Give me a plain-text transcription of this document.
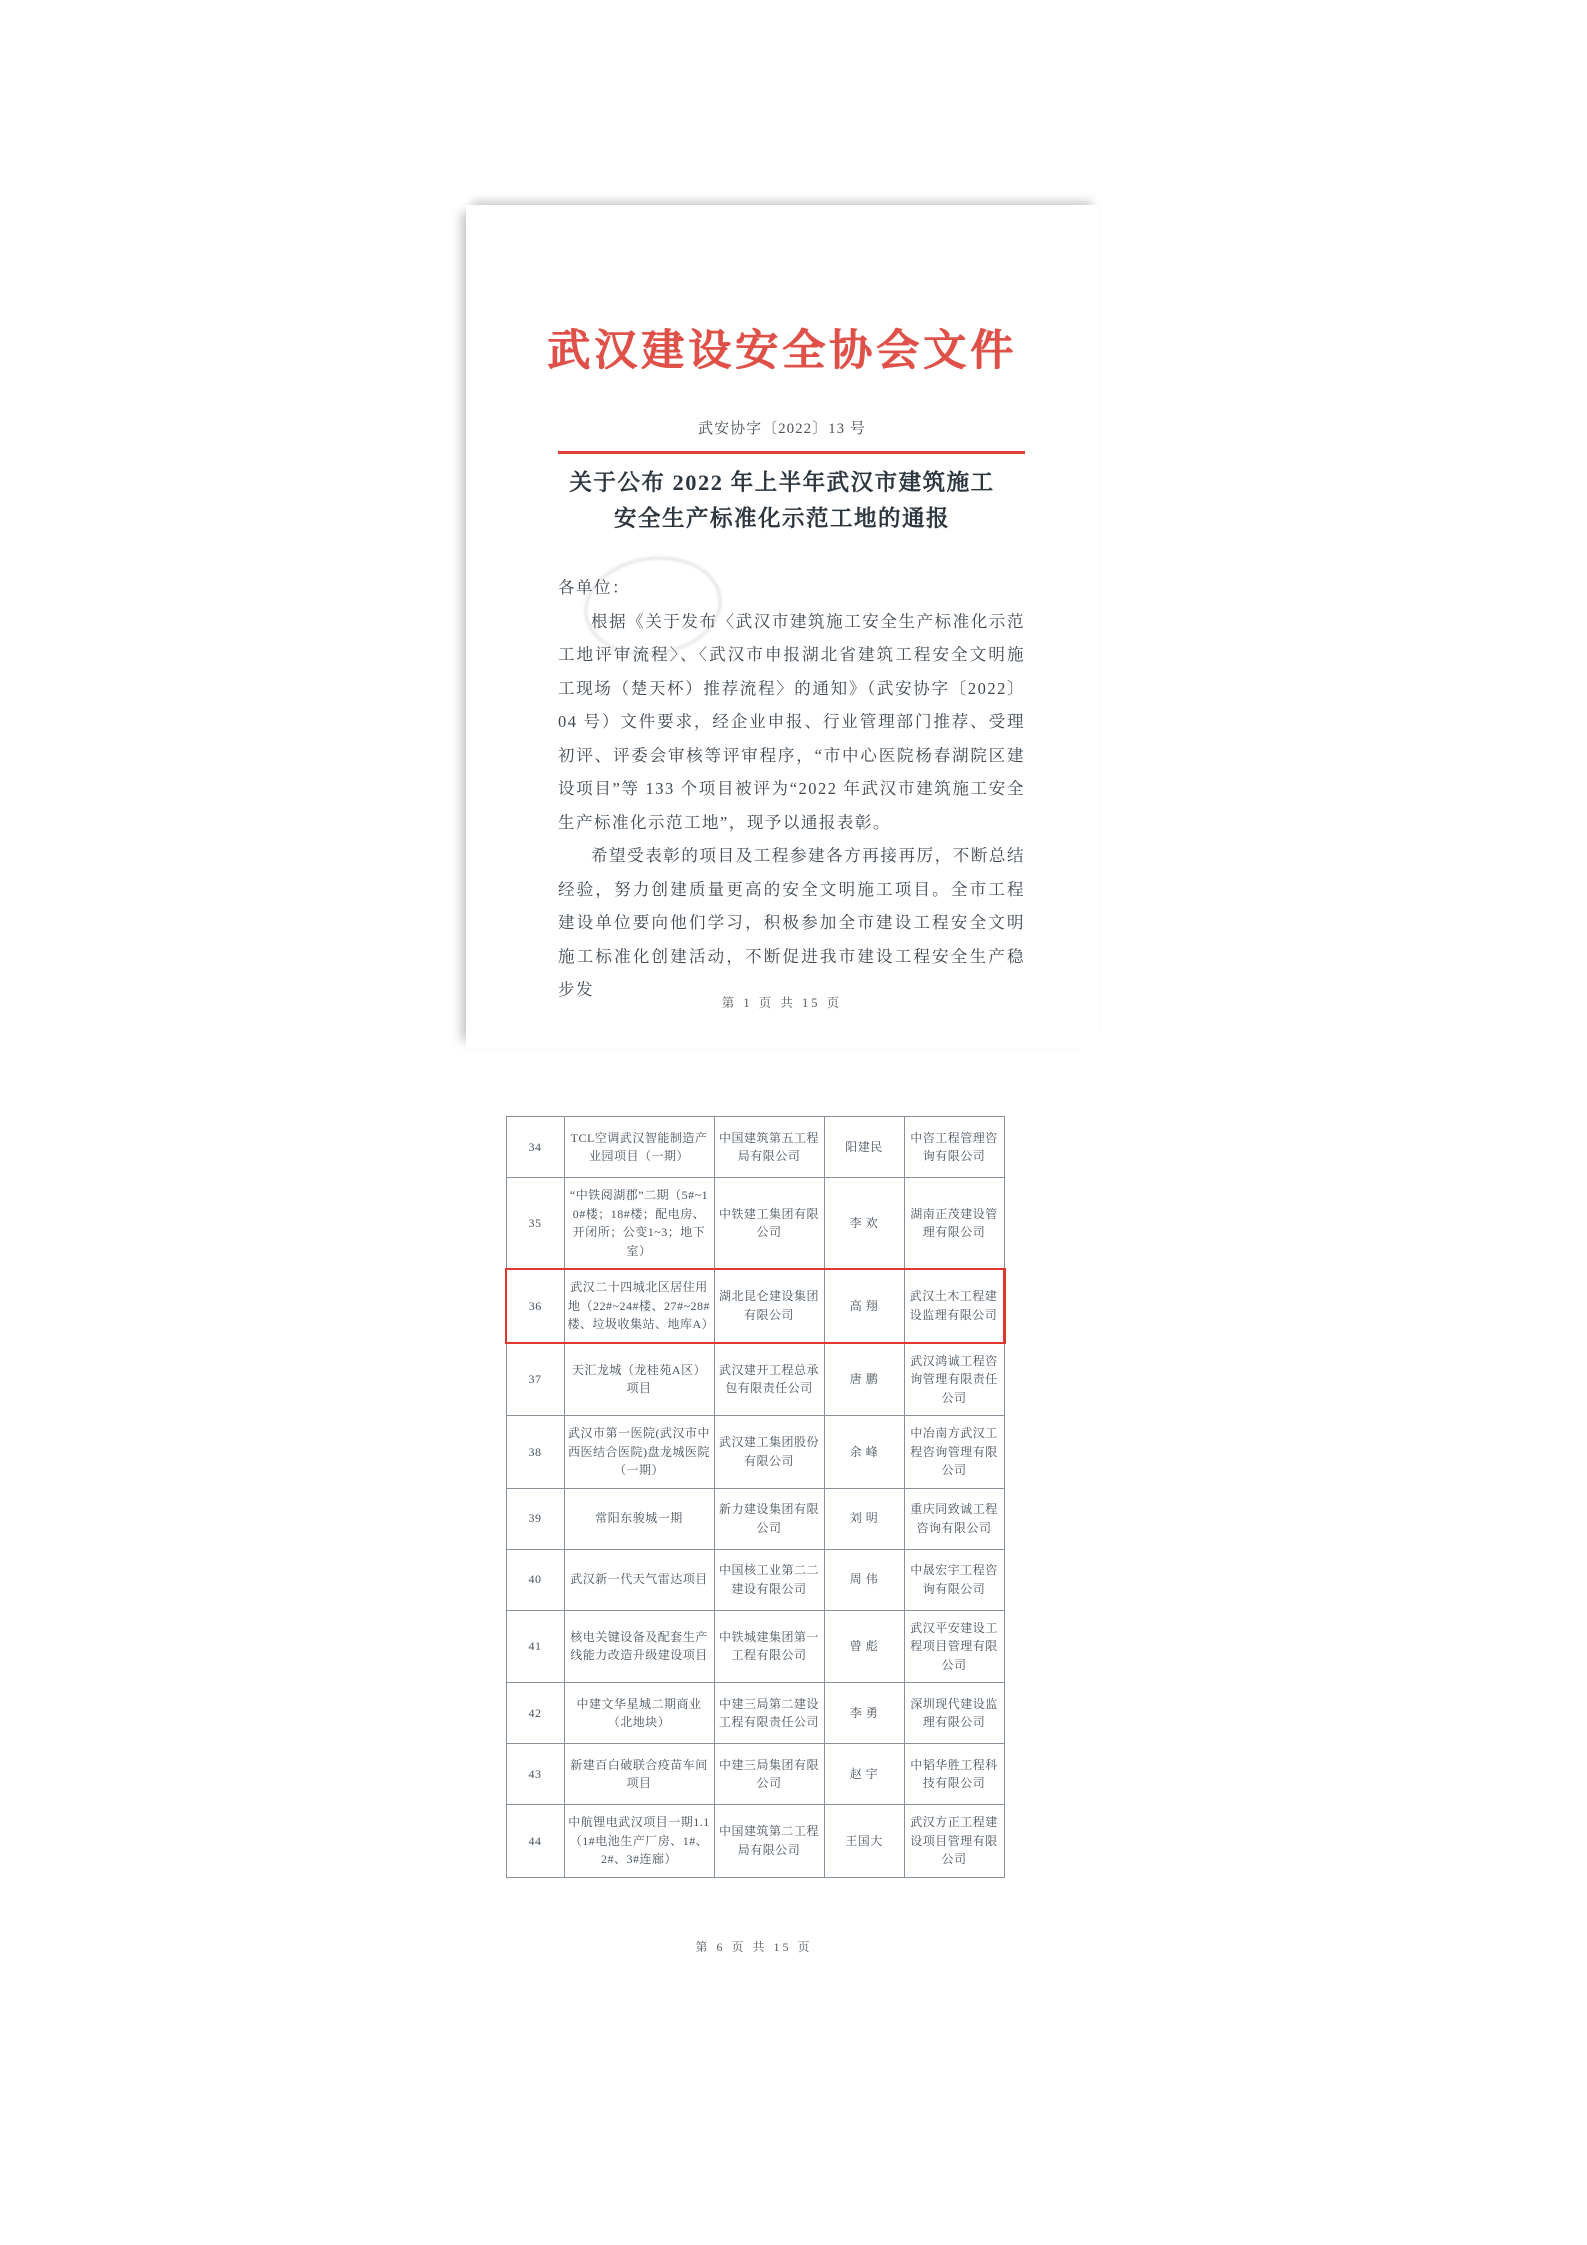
武汉建设安全协会文件
武安协字〔2022〕13 号
关于公布 2022 年上半年武汉市建筑施工
安全生产标准化示范工地的通报

各单位：

根据《关于发布〈武汉市建筑施工安全生产标准化示范工地评审流程〉、〈武汉市申报湖北省建筑工程安全文明施工现场（楚天杯）推荐流程〉的通知》（武安协字〔2022〕04 号）文件要求，经企业申报、行业管理部门推荐、受理初评、评委会审核等评审程序，“市中心医院杨春湖院区建设项目”等 133 个项目被评为“2022 年武汉市建筑施工安全生产标准化示范工地”，现予以通报表彰。

希望受表彰的项目及工程参建各方再接再厉，不断总结经验，努力创建质量更高的安全文明施工项目。全市工程建设单位要向他们学习，积极参加全市建设工程安全文明施工标准化创建活动，不断促进我市建设工程安全生产稳步发

第 1 页 共 15 页
34	TCL空调武汉智能制造产业园项目（一期）	中国建筑第五工程局有限公司	阳建民	中咨工程管理咨询有限公司
35	“中铁阅湖郡”二期（5#~10#楼；18#楼；配电房、开闭所；公变1~3；地下室）	中铁建工集团有限公司	李 欢	湖南正茂建设管理有限公司
36	武汉二十四城北区居住用地（22#~24#楼、27#~28#楼、垃圾收集站、地库A）	湖北昆仑建设集团有限公司	高 翔	武汉土木工程建设监理有限公司
37	天汇龙城（龙桂苑A区）项目	武汉建开工程总承包有限责任公司	唐 鹏	武汉鸿诚工程咨询管理有限责任公司
38	武汉市第一医院(武汉市中西医结合医院)盘龙城医院（一期）	武汉建工集团股份有限公司	余 峰	中冶南方武汉工程咨询管理有限公司
39	常阳东骏城一期	新力建设集团有限公司	刘 明	重庆同致诚工程咨询有限公司
40	武汉新一代天气雷达项目	中国核工业第二二建设有限公司	周 伟	中晟宏宇工程咨询有限公司
41	核电关键设备及配套生产线能力改造升级建设项目	中铁城建集团第一工程有限公司	曾 彪	武汉平安建设工程项目管理有限公司
42	中建文华星城二期商业（北地块）	中建三局第二建设工程有限责任公司	李 勇	深圳现代建设监理有限公司
43	新建百白破联合疫苗车间项目	中建三局集团有限公司	赵 宇	中韬华胜工程科技有限公司
44	中航锂电武汉项目一期1.1（1#电池生产厂房、1#、2#、3#连廊）	中国建筑第二工程局有限公司	王国大	武汉方正工程建设项目管理有限公司
第 6 页 共 15 页
